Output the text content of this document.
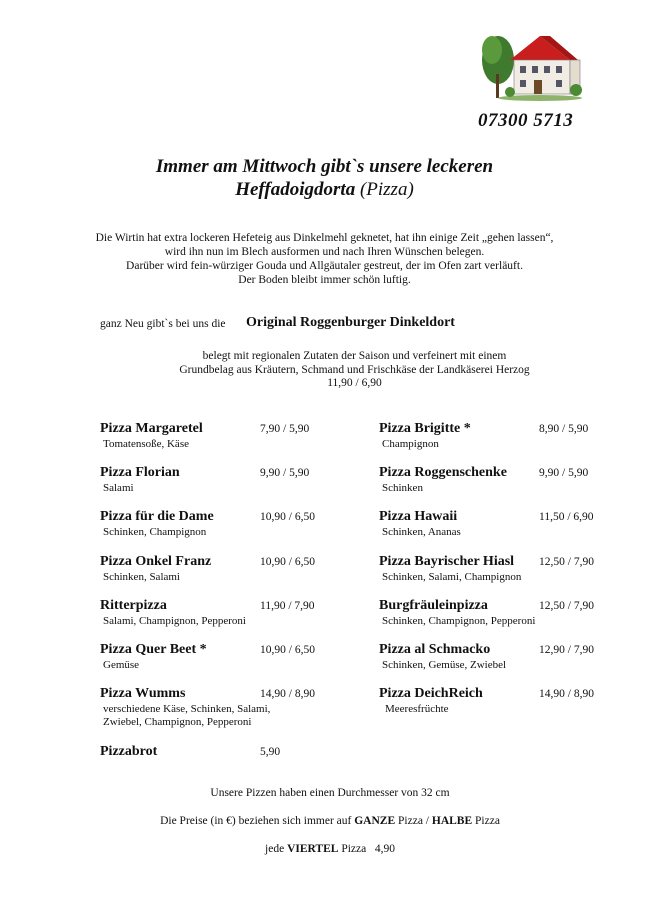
07300 5713
Immer am Mittwoch gibt`s unsere leckeren
Heffadoigdorta (Pizza)
Die Wirtin hat extra lockeren Hefeteig aus Dinkelmehl geknetet, hat ihn einige Zeit „gehen lassen“,
wird ihn nun im Blech ausformen und nach Ihren Wünschen belegen.
Darüber wird fein-würziger Gouda und Allgäutaler gestreut, der im Ofen zart verläuft.
Der Boden bleibt immer schön luftig.
ganz Neu gibt`s bei uns die Original Roggenburger Dinkeldort
belegt mit regionalen Zutaten der Saison und verfeinert mit einem
Grundbelag aus Kräutern, Schmand und Frischkäse der Landkäserei Herzog
11,90 / 6,90
Pizza Margaretel	7,90 / 5,90
Tomatensoße, Käse
Pizza Florian	9,90 / 5,90
Salami
Pizza für die Dame	10,90 / 6,50
Schinken, Champignon
Pizza Onkel Franz	10,90 / 6,50
Schinken, Salami
Ritterpizza	11,90 / 7,90
Salami, Champignon, Pepperoni
Pizza Quer Beet *	10,90 / 6,50
Gemüse
Pizza Wumms	14,90 / 8,90
verschiedene Käse, Schinken, Salami,
Zwiebel, Champignon, Pepperoni
Pizzabrot	5,90
Pizza Brigitte *	8,90 / 5,90
Champignon
Pizza Roggenschenke	9,90 / 5,90
Schinken
Pizza Hawaii	11,50 / 6,90
Schinken, Ananas
Pizza Bayrischer Hiasl 12,50 / 7,90
Schinken, Salami, Champignon
Burgfräuleinpizza	12,50 / 7,90
Schinken, Champignon, Pepperoni
Pizza al Schmacko	12,90 / 7,90
Schinken, Gemüse, Zwiebel
Pizza DeichReich	14,90 / 8,90
Meeresfrüchte
Unsere Pizzen haben einen Durchmesser von 32 cm
Die Preise (in €) beziehen sich immer auf GANZE Pizza / HALBE Pizza
jede VIERTEL Pizza   4,90
